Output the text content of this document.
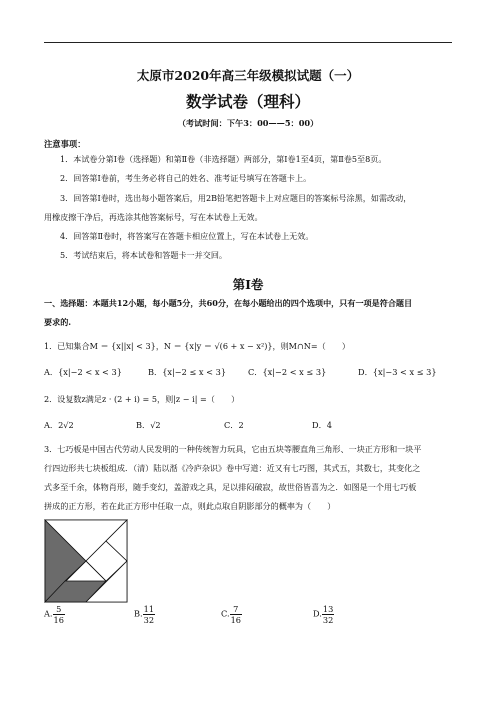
太原市2020年高三年级模拟试题（一）
数学试卷（理科）
（考试时间：下午3：00——5：00）
注意事项：
1．本试卷分第Ⅰ卷（选择题）和第Ⅱ卷（非选择题）两部分，第Ⅰ卷1至4页，第Ⅱ卷5至8页。
2．回答第Ⅰ卷前，考生务必将自己的姓名、准考证号填写在答题卡上。
3．回答第Ⅰ卷时，选出每小题答案后，用2B铅笔把答题卡上对应题目的答案标号涂黑，如需改动，
用橡皮擦干净后，再选涂其他答案标号，写在本试卷上无效。
4．回答第Ⅱ卷时，将答案写在答题卡相应位置上，写在本试卷上无效。
5．考试结束后，将本试卷和答题卡一并交回。
第Ⅰ卷
一、选择题：本题共12小题，每小题5分，共60分，在每小题给出的四个选项中，只有一项是符合题目
要求的.
1．已知集合M ＝ {x||x| < 3}，N ＝ {x|y ＝ √(6 + x − x²)}，则M∩N=（　　）
A．{x|−2 < x < 3}	B．{x|−2 ≤ x < 3}	C．{x|−2 < x ≤ 3}	D．{x|−3 < x ≤ 3}
2．设复数z满足z · (2 + i) = 5，则|z − i| =（　　）
A．2√2	B．√2	C．2	D．4
3．七巧板是中国古代劳动人民发明的一种传统智力玩具，它由五块等腰直角三角形、一块正方形和一块平
行四边形共七块板组成．（清）陆以湉《冷庐杂识》卷中写道：近又有七巧图，其式五，其数七，其变化之
式多至千余，体物肖形，随手变幻，盖游戏之具，足以排闷破寂，故世俗皆喜为之．如图是一个用七巧板
拼成的正方形，若在此正方形中任取一点，则此点取自阴影部分的概率为（　　）
A. $\frac{5}{16}$	B. $\frac{11}{32}$	C. $\frac{7}{16}$	D. $\frac{13}{32}$
